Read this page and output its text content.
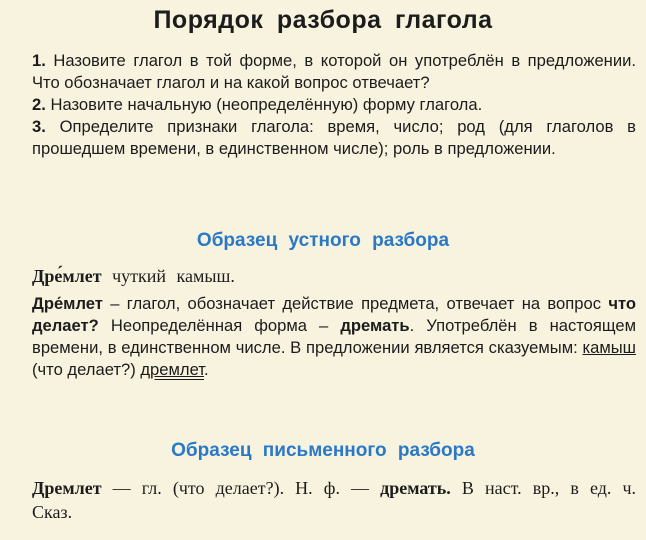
Порядок разбора глагола

1. Назовите глагол в той форме, в которой он употреблён в предложении. Что обозначает глагол и на какой вопрос отвечает?

2. Назовите начальную (неопределённую) форму глагола.

3. Определите признаки глагола: время, число; род (для глаголов в прошедшем времени, в единственном числе); роль в предложении.

Образец устного разбора
Дре́млет чуткий камыш.

Дре́млет – глагол, обозначает действие предмета, отвечает на вопрос что делает? Неопределённая форма – дремать. Употреблён в настоящем времени, в единственном числе. В предложении является сказуемым: камыш (что делает?) дремлет.

Образец письменного разбора

Дремлет — гл. (что делает?). Н. ф. — дремать. В наст. вр., в ед. ч. Сказ.
